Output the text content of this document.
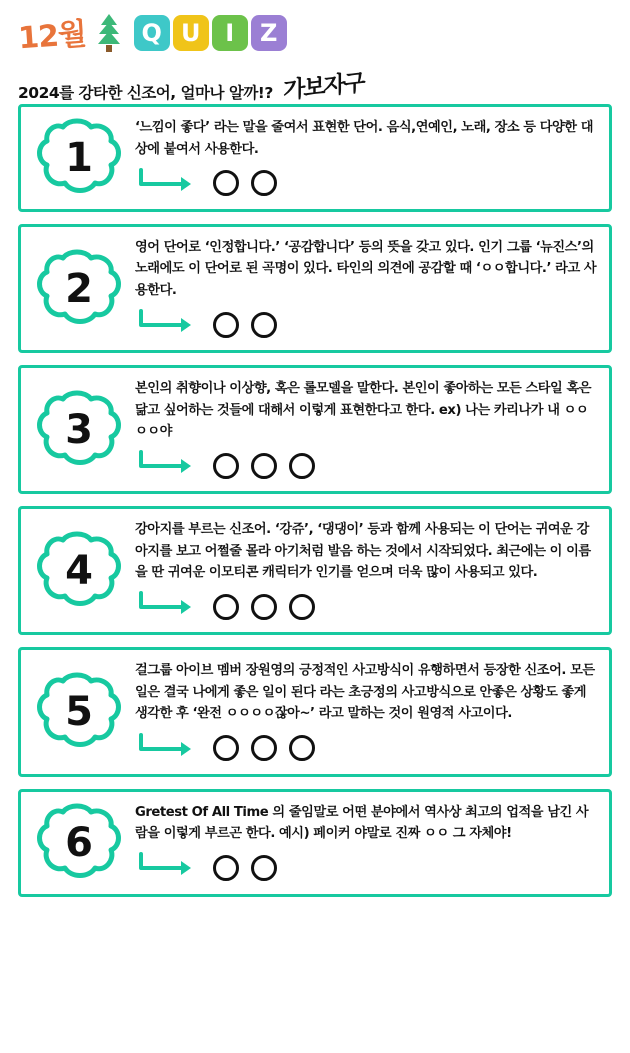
12월	Q U	I	Z
2024를 강타한 신조어, 얼마나 알까!? 가보자구
1
‘느낌이 좋다’ 라는 말을 줄여서 표현한 단어. 음식,연예인, 노래, 장소 등 다양한 대상에 붙여서 사용한다.
2
영어 단어로 ‘인정합니다.’ ‘공감합니다’ 등의 뜻을 갖고 있다. 인기 그룹 ‘뉴진스’의 노래에도 이 단어로 된 곡명이 있다. 타인의 의견에 공감할 때 ‘ㅇㅇ합니다.’ 라고 사용한다.
3
본인의 취향이나 이상향, 혹은 롤모델을 말한다. 본인이 좋아하는 모든 스타일 혹은 닮고 싶어하는 것들에 대해서 이렇게 표현한다고 한다. ex) 나는 카리나가 내 ㅇㅇㅇㅇ야
4
강아지를 부르는 신조어. ‘강쥬’, ‘댕댕이’ 등과 함께 사용되는 이 단어는 귀여운 강아지를 보고 어쩔줄 몰라 아기처럼 발음 하는 것에서 시작되었다. 최근에는 이 이름을 딴 귀여운 이모티콘 캐릭터가 인기를 얻으며 더욱 많이 사용되고 있다.
5
걸그룹 아이브 멤버 장원영의 긍정적인 사고방식이 유행하면서 등장한 신조어. 모든 일은 결국 나에게 좋은 일이 된다 라는 초긍정의 사고방식으로 안좋은 상황도 좋게 생각한 후 ‘완전 ㅇㅇㅇㅇ잖아~’ 라고 말하는 것이 원영적 사고이다.
6
Gretest Of All Time 의 줄임말로 어떤 분야에서 역사상 최고의 업적을 남긴 사람을 이렇게 부르곤 한다. 예시) 페이커 야말로 진짜 ㅇㅇ 그 자체야!
